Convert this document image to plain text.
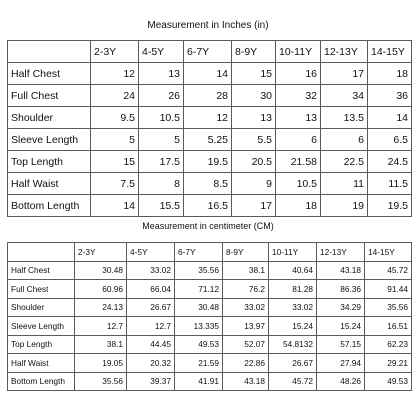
Measurement in Inches (in)
	2-3Y	4-5Y	6-7Y	8-9Y	10-11Y	12-13Y	14-15Y
Half Chest	12	13	14	15	16	17	18
Full Chest	24	26	28	30	32	34	36
Shoulder	9.5	10.5	12	13	13	13.5	14
Sleeve Length	5	5	5.25	5.5	6	6	6.5
Top Length	15	17.5	19.5	20.5	21.58	22.5	24.5
Half Waist	7.5	8	8.5	9	10.5	11	11.5
Bottom Length	14	15.5	16.5	17	18	19	19.5
Measurement in centimeter (CM)
	2-3Y	4-5Y	6-7Y	8-9Y	10-11Y	12-13Y	14-15Y
Half Chest	30.48	33.02	35.56	38.1	40.64	43.18	45.72
Full Chest	60.96	66.04	71.12	76.2	81.28	86.36	91.44
Shoulder	24.13	26.67	30.48	33.02	33.02	34.29	35.56
Sleeve Length	12.7	12.7	13.335	13.97	15.24	15.24	16.51
Top Length	38.1	44.45	49.53	52.07	54.8132	57.15	62.23
Half Waist	19.05	20.32	21.59	22.86	26.67	27.94	29.21
Bottom Length	35.56	39.37	41.91	43.18	45.72	48.26	49.53
